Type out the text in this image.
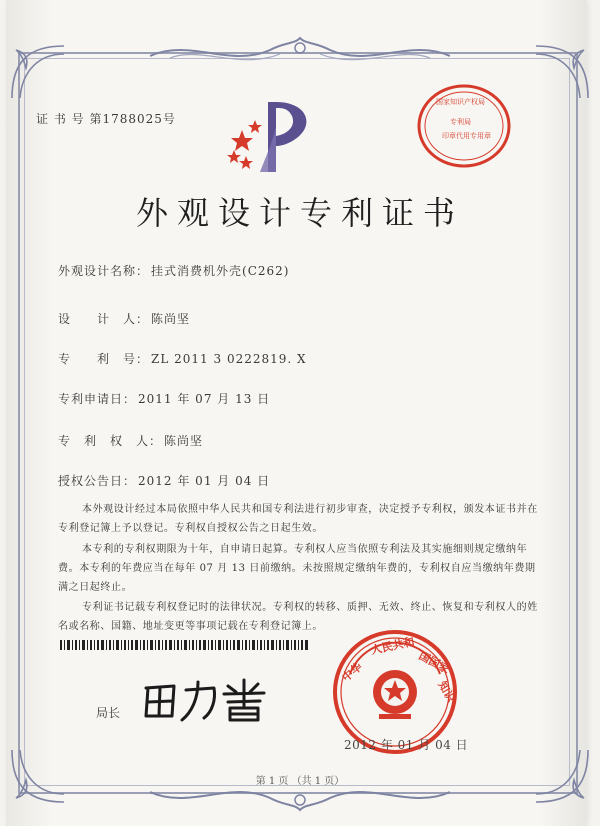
证 书 号 第1788025号
外观设计专利证书
外观设计名称： 挂式消费机外壳(C262)
设　　计　人： 陈尚坚
专　　利　号： ZL 2011 3 0222819. X
专利申请日： 2011 年 07 月 13 日
专　利　权　人： 陈尚坚
授权公告日： 2012 年 01 月 04 日
本外观设计经过本局依照中华人民共和国专利法进行初步审查，决定授予专利权，颁发本证书并在专利登记簿上予以登记。专利权自授权公告之日起生效。
本专利的专利权期限为十年，自申请日起算。专利权人应当依照专利法及其实施细则规定缴纳年费。本专利的年费应当在每年 07 月 13 日前缴纳。未按照规定缴纳年费的，专利权自应当缴纳年费期满之日起终止。
专利证书记载专利权登记时的法律状况。专利权的转移、质押、无效、终止、恢复和专利权人的姓名或名称、国籍、地址变更等事项记载在专利登记簿上。
局长
国家知识产权局
专利局
印章代用专用章
中华
人民共和
国国家
知识
2012 年 01 月 04 日
第 1 页 （共 1 页）
